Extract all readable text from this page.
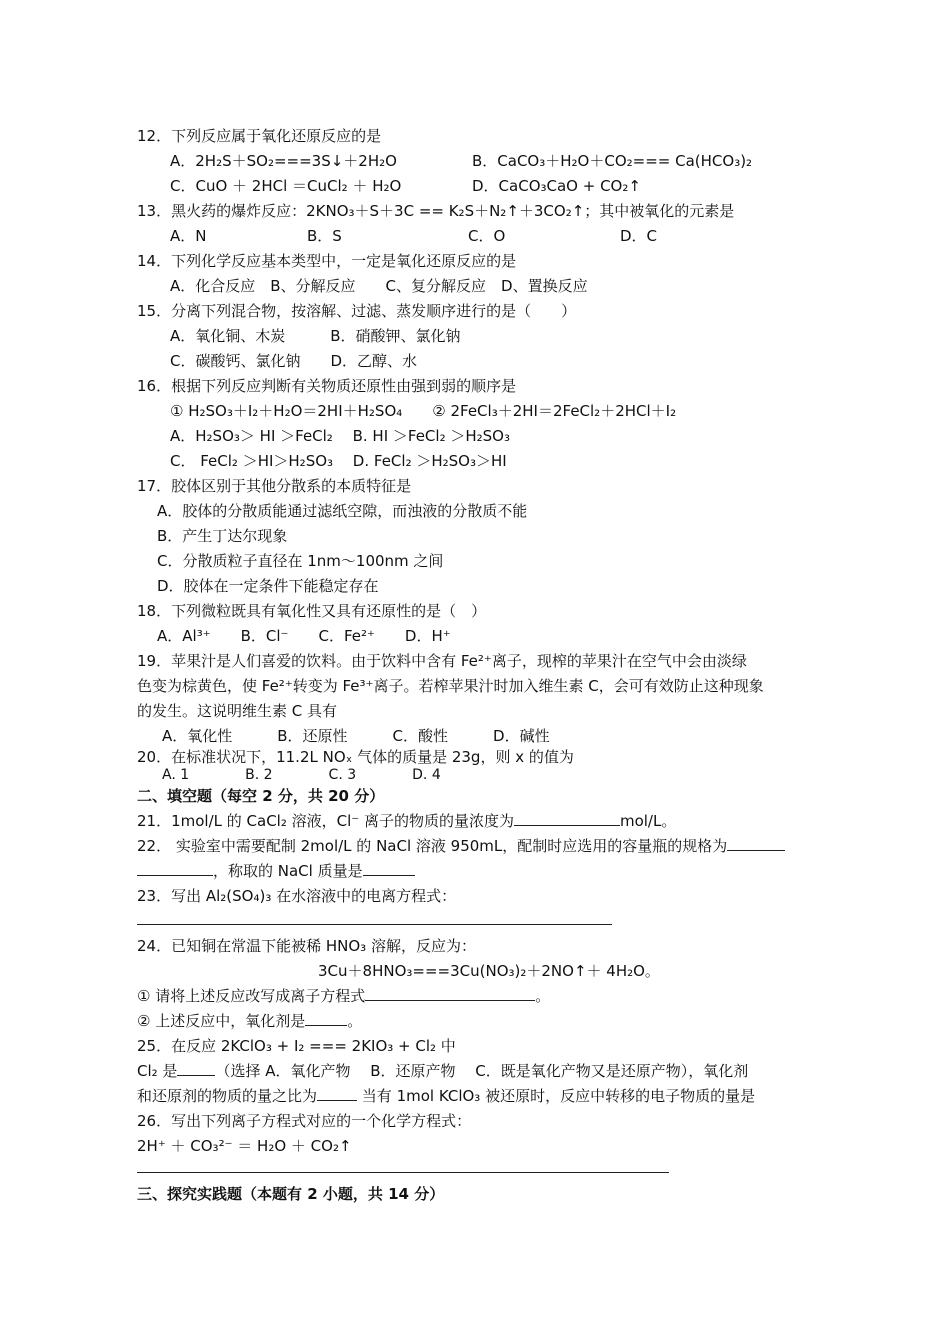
12．下列反应属于氧化还原反应的是
A．2H₂S＋SO₂===3S↓＋2H₂O	B．CaCO₃＋H₂O＋CO₂=== Ca(HCO₃)₂
C．CuO ＋ 2HCl ＝CuCl₂ ＋ H₂O	D．CaCO₃CaO + CO₂↑
13．黑火药的爆炸反应：2KNO₃＋S＋3C == K₂S＋N₂↑＋3CO₂↑；其中被氧化的元素是
A．N	B．S	C．O	D．C
14．下列化学反应基本类型中，一定是氧化还原反应的是
A．化合反应　B、分解反应　　C、复分解反应　D、置换反应
15．分离下列混合物，按溶解、过滤、蒸发顺序进行的是（　　）
A．氧化铜、木炭　　　B．硝酸钾、氯化钠
C．碳酸钙、氯化钠　　D．乙醇、水
16．根据下列反应判断有关物质还原性由强到弱的顺序是
① H₂SO₃＋I₂＋H₂O＝2HI＋H₂SO₄　　② 2FeCl₃＋2HI＝2FeCl₂＋2HCl＋I₂
A．H₂SO₃＞ HI ＞FeCl₂　 B. HI ＞FeCl₂ ＞H₂SO₃
C． FeCl₂ ＞HI＞H₂SO₃　 D. FeCl₂ ＞H₂SO₃＞HI
17．胶体区别于其他分散系的本质特征是
A．胶体的分散质能通过滤纸空隙，而浊液的分散质不能
B．产生丁达尔现象
C．分散质粒子直径在 1nm～100nm 之间
D．胶体在一定条件下能稳定存在
18．下列微粒既具有氧化性又具有还原性的是（　）
A．Al³⁺　　B．Cl⁻　　C．Fe²⁺　　D．H⁺
19．苹果汁是人们喜爱的饮料。由于饮料中含有 Fe²⁺离子，现榨的苹果汁在空气中会由淡绿
色变为棕黄色，使 Fe²⁺转变为 Fe³⁺离子。若榨苹果汁时加入维生素 C，会可有效防止这种现象
的发生。这说明维生素 C 具有
A．氧化性　　　B．还原性　　　C．酸性　　　D．碱性
20．在标准状况下，11.2L NOₓ 气体的质量是 23g，则 x 的值为
A. 1　　　　B. 2　　　　C. 3　　　　D. 4
二、填空题（每空 2 分，共 20 分）
21．1mol/L 的 CaCl₂ 溶液，Cl⁻ 离子的物质的量浓度为	mol/L。
22． 实验室中需要配制 2mol/L 的 NaCl 溶液 950mL，配制时应选用的容量瓶的规格为
，称取的 NaCl 质量是
23．写出 Al₂(SO₄)₃ 在水溶液中的电离方程式：
24．已知铜在常温下能被稀 HNO₃ 溶解，反应为：
3Cu＋8HNO₃===3Cu(NO₃)₂＋2NO↑＋ 4H₂O。
① 请将上述反应改写成离子方程式	。
② 上述反应中，氧化剂是	。
25．在反应 2KClO₃ + I₂ === 2KIO₃ + Cl₂ 中
Cl₂ 是	（选择 A．氧化产物　 B．还原产物　 C．既是氧化产物又是还原产物），氧化剂
和还原剂的物质的量之比为	当有 1mol KClO₃ 被还原时，反应中转移的电子物质的量是
26．写出下列离子方程式对应的一个化学方程式：
2H⁺ ＋ CO₃²⁻ ＝ H₂O ＋ CO₂↑
三、探究实践题（本题有 2 小题，共 14 分）
